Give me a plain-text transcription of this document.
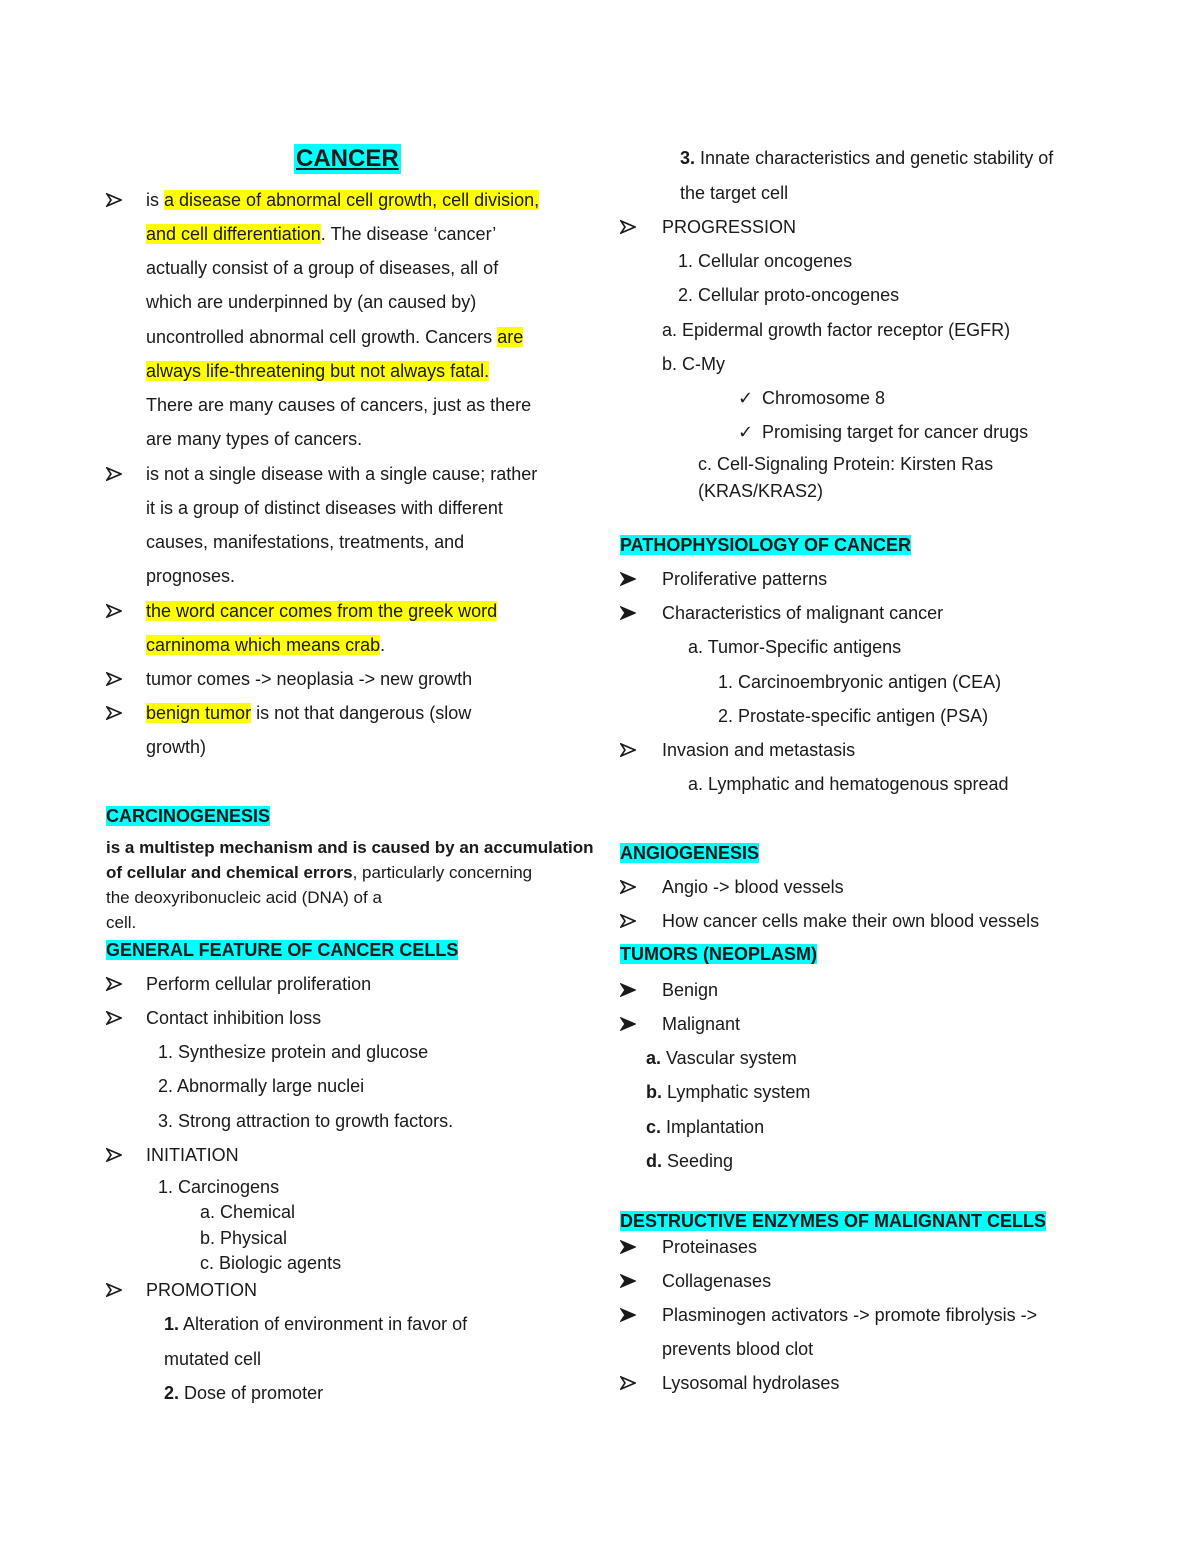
CANCER
is a disease of abnormal cell growth, cell division,
and cell differentiation. The disease ‘cancer’
actually consist of a group of diseases, all of
which are underpinned by (an caused by)
uncontrolled abnormal cell growth. Cancers are
always life-threatening but not always fatal.
There are many causes of cancers, just as there
are many types of cancers.
is not a single disease with a single cause; rather
it is a group of distinct diseases with different
causes, manifestations, treatments, and
prognoses.
the word cancer comes from the greek word
carninoma which means crab.
tumor comes -> neoplasia -> new growth
benign tumor is not that dangerous (slow
growth)
CARCINOGENESIS
is a multistep mechanism and is caused by an accumulation
of cellular and chemical errors, particularly concerning
the deoxyribonucleic acid (DNA) of a
cell.
GENERAL FEATURE OF CANCER CELLS
Perform cellular proliferation
Contact inhibition loss
1. Synthesize protein and glucose
2. Abnormally large nuclei
3. Strong attraction to growth factors.
INITIATION
1. Carcinogens
a. Chemical
b. Physical
c. Biologic agents
PROMOTION
1. Alteration of environment in favor of
mutated cell
2. Dose of promoter
3. Innate characteristics and genetic stability of
the target cell
PROGRESSION
1. Cellular oncogenes
2. Cellular proto-oncogenes
a. Epidermal growth factor receptor (EGFR)
b. C-My
✓ Chromosome 8
✓ Promising target for cancer drugs
c. Cell-Signaling Protein: Kirsten Ras
(KRAS/KRAS2)
PATHOPHYSIOLOGY OF CANCER
Proliferative patterns
Characteristics of malignant cancer
a. Tumor-Specific antigens
1. Carcinoembryonic antigen (CEA)
2. Prostate-specific antigen (PSA)
Invasion and metastasis
a. Lymphatic and hematogenous spread
ANGIOGENESIS
Angio -> blood vessels
How cancer cells make their own blood vessels
TUMORS (NEOPLASM)
Benign
Malignant
a. Vascular system
b. Lymphatic system
c. Implantation
d. Seeding
DESTRUCTIVE ENZYMES OF MALIGNANT CELLS
Proteinases
Collagenases
Plasminogen activators -> promote fibrolysis ->
prevents blood clot
Lysosomal hydrolases
